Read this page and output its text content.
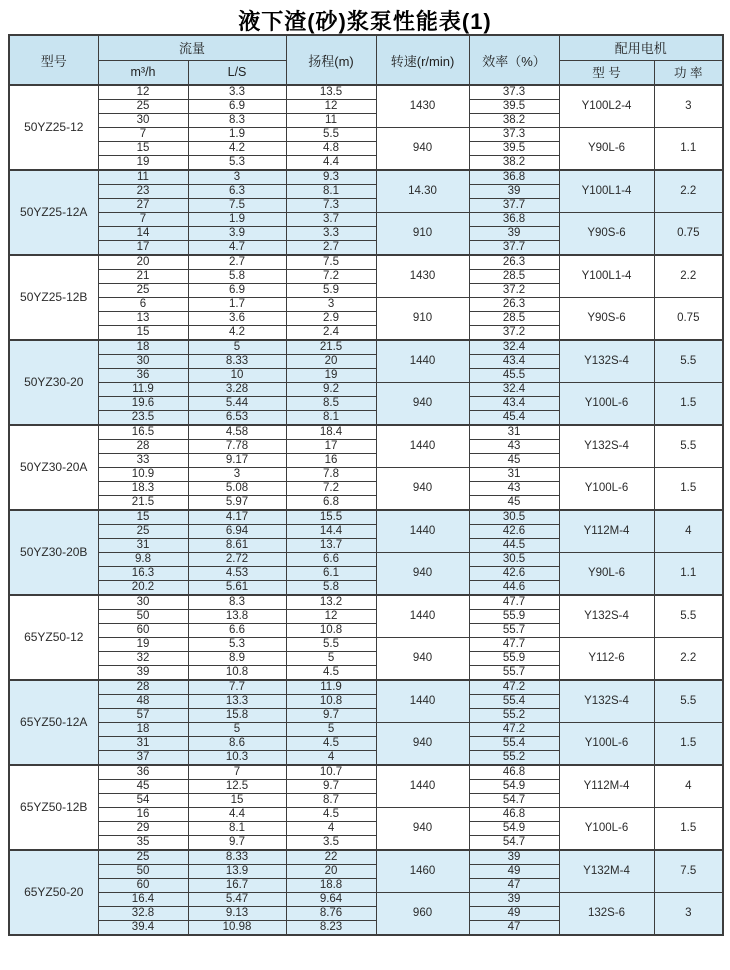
液下渣(砂)浆泵性能表(1)
型号	流量		扬程(m)	转速(r/min)	效率（%）	配用电机	
	m³/h	L/S				型 号	功 率
50YZ25-12	12	3.3	13.5	1430	37.3	Y100L2-4	3
	25	6.9	12		39.5		
	30	8.3	11		38.2		
	7	1.9	5.5	940	37.3	Y90L-6	1.1
	15	4.2	4.8		39.5		
	19	5.3	4.4		38.2		
50YZ25-12A	11	3	9.3	14.30	36.8	Y100L1-4	2.2
	23	6.3	8.1		39		
	27	7.5	7.3		37.7		
	7	1.9	3.7	910	36.8	Y90S-6	0.75
	14	3.9	3.3		39		
	17	4.7	2.7		37.7		
50YZ25-12B	20	2.7	7.5	1430	26.3	Y100L1-4	2.2
	21	5.8	7.2		28.5		
	25	6.9	5.9		37.2		
	6	1.7	3	910	26.3	Y90S-6	0.75
	13	3.6	2.9		28.5		
	15	4.2	2.4		37.2		
50YZ30-20	18	5	21.5	1440	32.4	Y132S-4	5.5
	30	8.33	20		43.4		
	36	10	19		45.5		
	11.9	3.28	9.2	940	32.4	Y100L-6	1.5
	19.6	5.44	8.5		43.4		
	23.5	6.53	8.1		45.4		
50YZ30-20A	16.5	4.58	18.4	1440	31	Y132S-4	5.5
	28	7.78	17		43		
	33	9.17	16		45		
	10.9	3	7.8	940	31	Y100L-6	1.5
	18.3	5.08	7.2		43		
	21.5	5.97	6.8		45		
50YZ30-20B	15	4.17	15.5	1440	30.5	Y112M-4	4
	25	6.94	14.4		42.6		
	31	8.61	13.7		44.5		
	9.8	2.72	6.6	940	30.5	Y90L-6	1.1
	16.3	4.53	6.1		42.6		
	20.2	5.61	5.8		44.6		
65YZ50-12	30	8.3	13.2	1440	47.7	Y132S-4	5.5
	50	13.8	12		55.9		
	60	6.6	10.8		55.7		
	19	5.3	5.5	940	47.7	Y112-6	2.2
	32	8.9	5		55.9		
	39	10.8	4.5		55.7		
65YZ50-12A	28	7.7	11.9	1440	47.2	Y132S-4	5.5
	48	13.3	10.8		55.4		
	57	15.8	9.7		55.2		
	18	5	5	940	47.2	Y100L-6	1.5
	31	8.6	4.5		55.4		
	37	10.3	4		55.2		
65YZ50-12B	36	7	10.7	1440	46.8	Y112M-4	4
	45	12.5	9.7		54.9		
	54	15	8.7		54.7		
	16	4.4	4.5	940	46.8	Y100L-6	1.5
	29	8.1	4		54.9		
	35	9.7	3.5		54.7		
65YZ50-20	25	8.33	22	1460	39	Y132M-4	7.5
	50	13.9	20		49		
	60	16.7	18.8		47		
	16.4	5.47	9.64	960	39	132S-6	3
	32.8	9.13	8.76		49		
	39.4	10.98	8.23		47		
